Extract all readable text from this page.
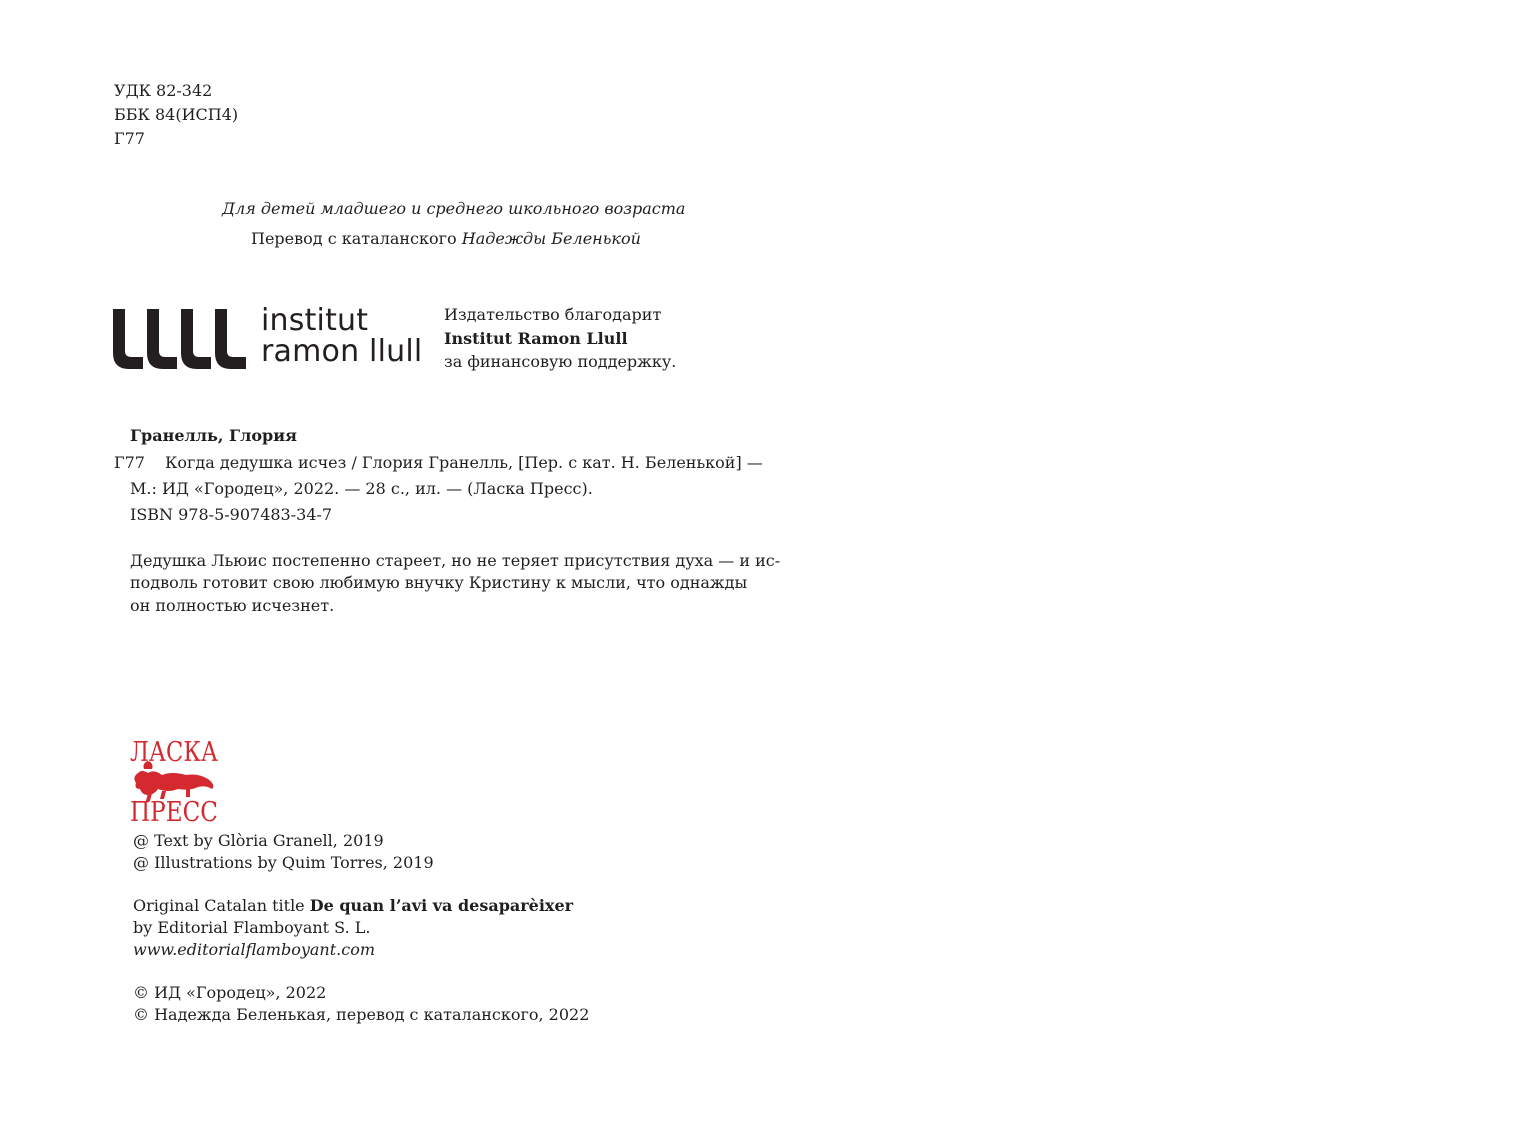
УДК 82-342
ББК 84(ИСП4)
Г77
Для детей младшего и среднего школьного возраста
Перевод с каталанского Надежды Беленькой
institut
ramon llull
Издательство благодарит
Institut Ramon Llull
за финансовую поддержку.
Гранелль, Глория
Г77 Когда дедушка исчез / Глория Гранелль, [Пер. с кат. Н. Беленькой] —
М.: ИД «Городец», 2022. — 28 с., ил. — (Ласка Пресс).
ISBN 978-5-907483-34-7
Дедушка Льюис постепенно стареет, но не теряет присутствия духа — и ис-
подволь готовит свою любимую внучку Кристину к мысли, что однажды
он полностью исчезнет.
ЛАСКА
ПРЕСС
@ Text by Glòria Granell, 2019
@ Illustrations by Quim Torres, 2019
Original Catalan title De quan l’avi va desaparèixer
by Editorial Flamboyant S. L.
www.editorialflamboyant.com
© ИД «Городец», 2022
© Надежда Беленькая, перевод с каталанского, 2022
